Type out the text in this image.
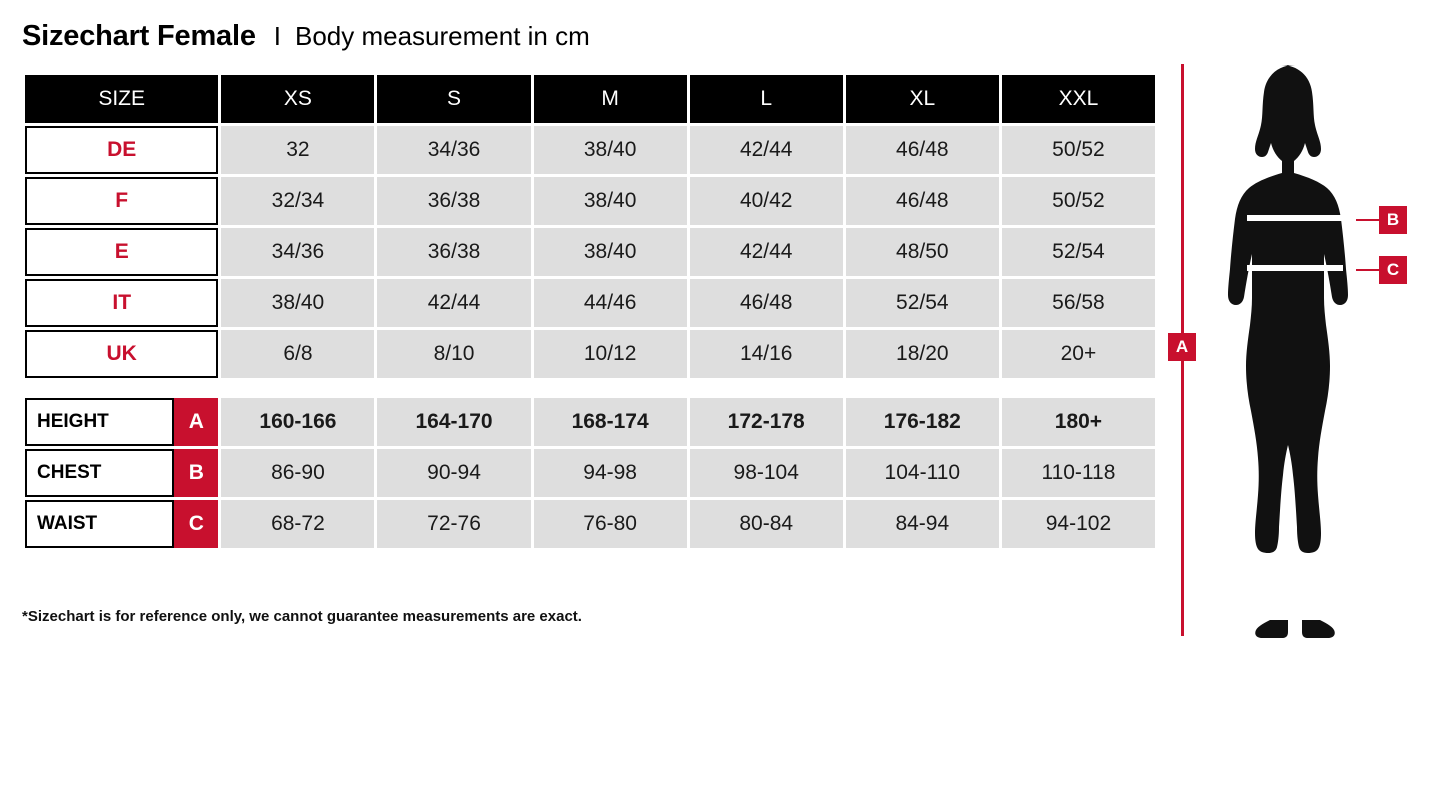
Sizechart Female I Body measurement in cm
SIZE	XS	S	M	L	XL	XXL
DE	32	34/36	38/40	42/44	46/48	50/52
F	32/34	36/38	38/40	40/42	46/48	50/52
E	34/36	36/38	38/40	42/44	48/50	52/54
IT	38/40	42/44	44/46	46/48	52/54	56/58
UK	6/8	8/10	10/12	14/16	18/20	20+

HEIGHT A	160-166	164-170	168-174	172-178	176-182	180+

CHEST B	86-90	90-94	94-98	98-104	104-110	110-118

WAIST C	68-72	72-76	76-80	80-84	84-94	94-102
*Sizechart is for reference only, we cannot guarantee measurements are exact.
A
B
C
